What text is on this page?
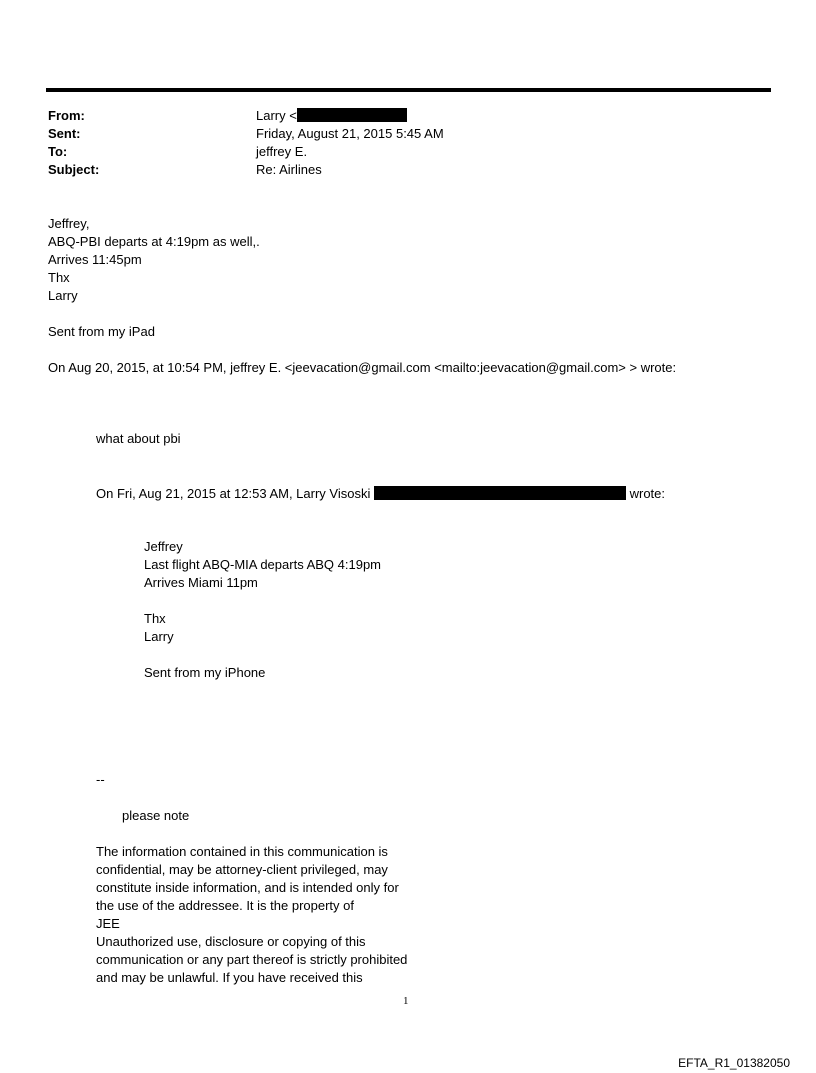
From:	Larry <
Sent:	Friday, August 21, 2015 5:45 AM
To:	jeffrey E.
Subject:	Re: Airlines
Jeffrey,
ABQ-PBI departs at 4:19pm as well,.
Arrives 11:45pm
Thx
Larry
Sent from my iPad
On Aug 20, 2015, at 10:54 PM, jeffrey E. <jeevacation@gmail.com <mailto:jeevacation@gmail.com> > wrote:
what about pbi
On Fri, Aug 21, 2015 at 12:53 AM, Larry Visoski	wrote:
Jeffrey
Last flight ABQ-MIA departs ABQ 4:19pm
Arrives Miami 11pm
Thx
Larry
Sent from my iPhone
--
please note
The information contained in this communication is
confidential, may be attorney-client privileged, may
constitute inside information, and is intended only for
the use of the addressee. It is the property of
JEE
Unauthorized use, disclosure or copying of this
communication or any part thereof is strictly prohibited
and may be unlawful. If you have received this
1
EFTA_R1_01382050
